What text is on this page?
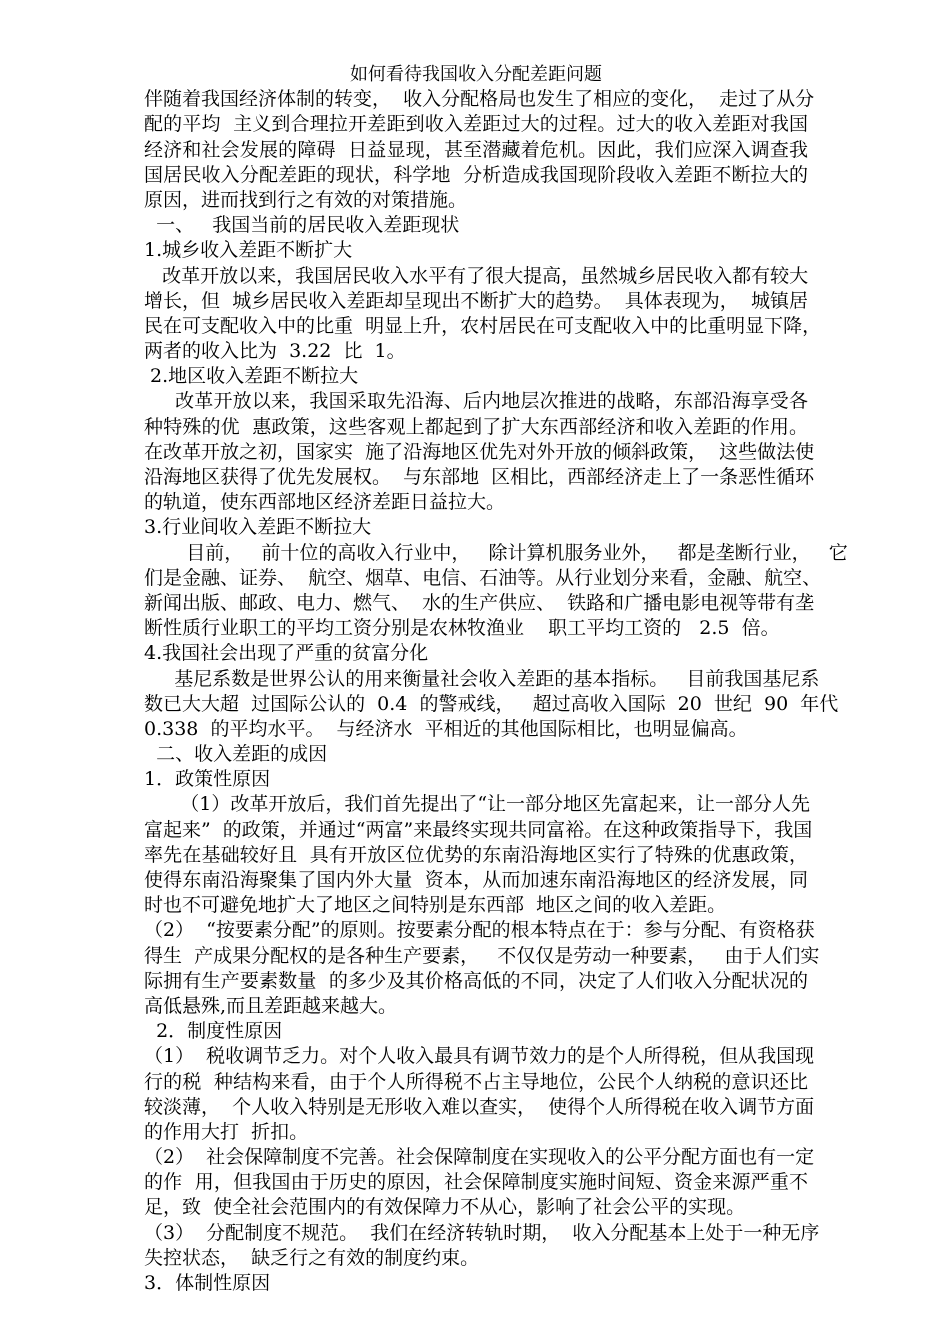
如何看待我国收入分配差距问题
伴随着我国经济体制的转变，  收入分配格局也发生了相应的变化，  走过了从分
配的平均  主义到合理拉开差距到收入差距过大的过程。过大的收入差距对我国
经济和社会发展的障碍  日益显现，甚至潜藏着危机。因此，我们应深入调查我
国居民收入分配差距的现状，科学地  分析造成我国现阶段收入差距不断拉大的
原因，进而找到行之有效的对策措施。
一、   我国当前的居民收入差距现状
1.城乡收入差距不断扩大
改革开放以来，我国居民收入水平有了很大提高，虽然城乡居民收入都有较大
增长，但  城乡居民收入差距却呈现出不断扩大的趋势。  具体表现为，  城镇居
民在可支配收入中的比重  明显上升，农村居民在可支配收入中的比重明显下降，
两者的收入比为  3.22  比  1。
2.地区收入差距不断拉大
改革开放以来，我国采取先沿海、后内地层次推进的战略，东部沿海享受各
种特殊的优  惠政策，这些客观上都起到了扩大东西部经济和收入差距的作用。
在改革开放之初，国家实  施了沿海地区优先对外开放的倾斜政策，  这些做法使
沿海地区获得了优先发展权。  与东部地  区相比，西部经济走上了一条恶性循环
的轨道，使东西部地区经济差距日益拉大。
3.行业间收入差距不断拉大
目前，   前十位的高收入行业中，   除计算机服务业外，   都是垄断行业，   它
们是金融、证券、  航空、烟草、电信、石油等。从行业划分来看，金融、航空、
新闻出版、邮政、电力、燃气、  水的生产供应、  铁路和广播电影电视等带有垄
断性质行业职工的平均工资分别是农林牧渔业    职工平均工资的   2.5  倍。
4.我国社会出现了严重的贫富分化
基尼系数是世界公认的用来衡量社会收入差距的基本指标。   目前我国基尼系
数已大大超  过国际公认的  0.4  的警戒线，   超过高收入国际  20  世纪  90  年代
0.338  的平均水平。  与经济水  平相近的其他国际相比，也明显偏高。
二、收入差距的成因
1．政策性原因
（1）改革开放后，我们首先提出了“让一部分地区先富起来，让一部分人先
富起来”  的政策，并通过“两富”来最终实现共同富裕。在这种政策指导下，我国
率先在基础较好且  具有开放区位优势的东南沿海地区实行了特殊的优惠政策，
使得东南沿海聚集了国内外大量  资本，从而加速东南沿海地区的经济发展，同
时也不可避免地扩大了地区之间特别是东西部  地区之间的收入差距。
（2）  “按要素分配”的原则。按要素分配的根本特点在于：参与分配、有资格获
得生  产成果分配权的是各种生产要素，   不仅仅是劳动一种要素，   由于人们实
际拥有生产要素数量  的多少及其价格高低的不同，决定了人们收入分配状况的
高低悬殊,而且差距越来越大。
2．制度性原因
（1）  税收调节乏力。对个人收入最具有调节效力的是个人所得税，但从我国现
行的税  种结构来看，由于个人所得税不占主导地位，公民个人纳税的意识还比
较淡薄，  个人收入特别是无形收入难以查实，  使得个人所得税在收入调节方面
的作用大打  折扣。
（2）  社会保障制度不完善。社会保障制度在实现收入的公平分配方面也有一定
的作  用，但我国由于历史的原因，社会保障制度实施时间短、资金来源严重不
足，致  使全社会范围内的有效保障力不从心，影响了社会公平的实现。
（3）  分配制度不规范。  我们在经济转轨时期，  收入分配基本上处于一种无序
失控状态，  缺乏行之有效的制度约束。
3．体制性原因
